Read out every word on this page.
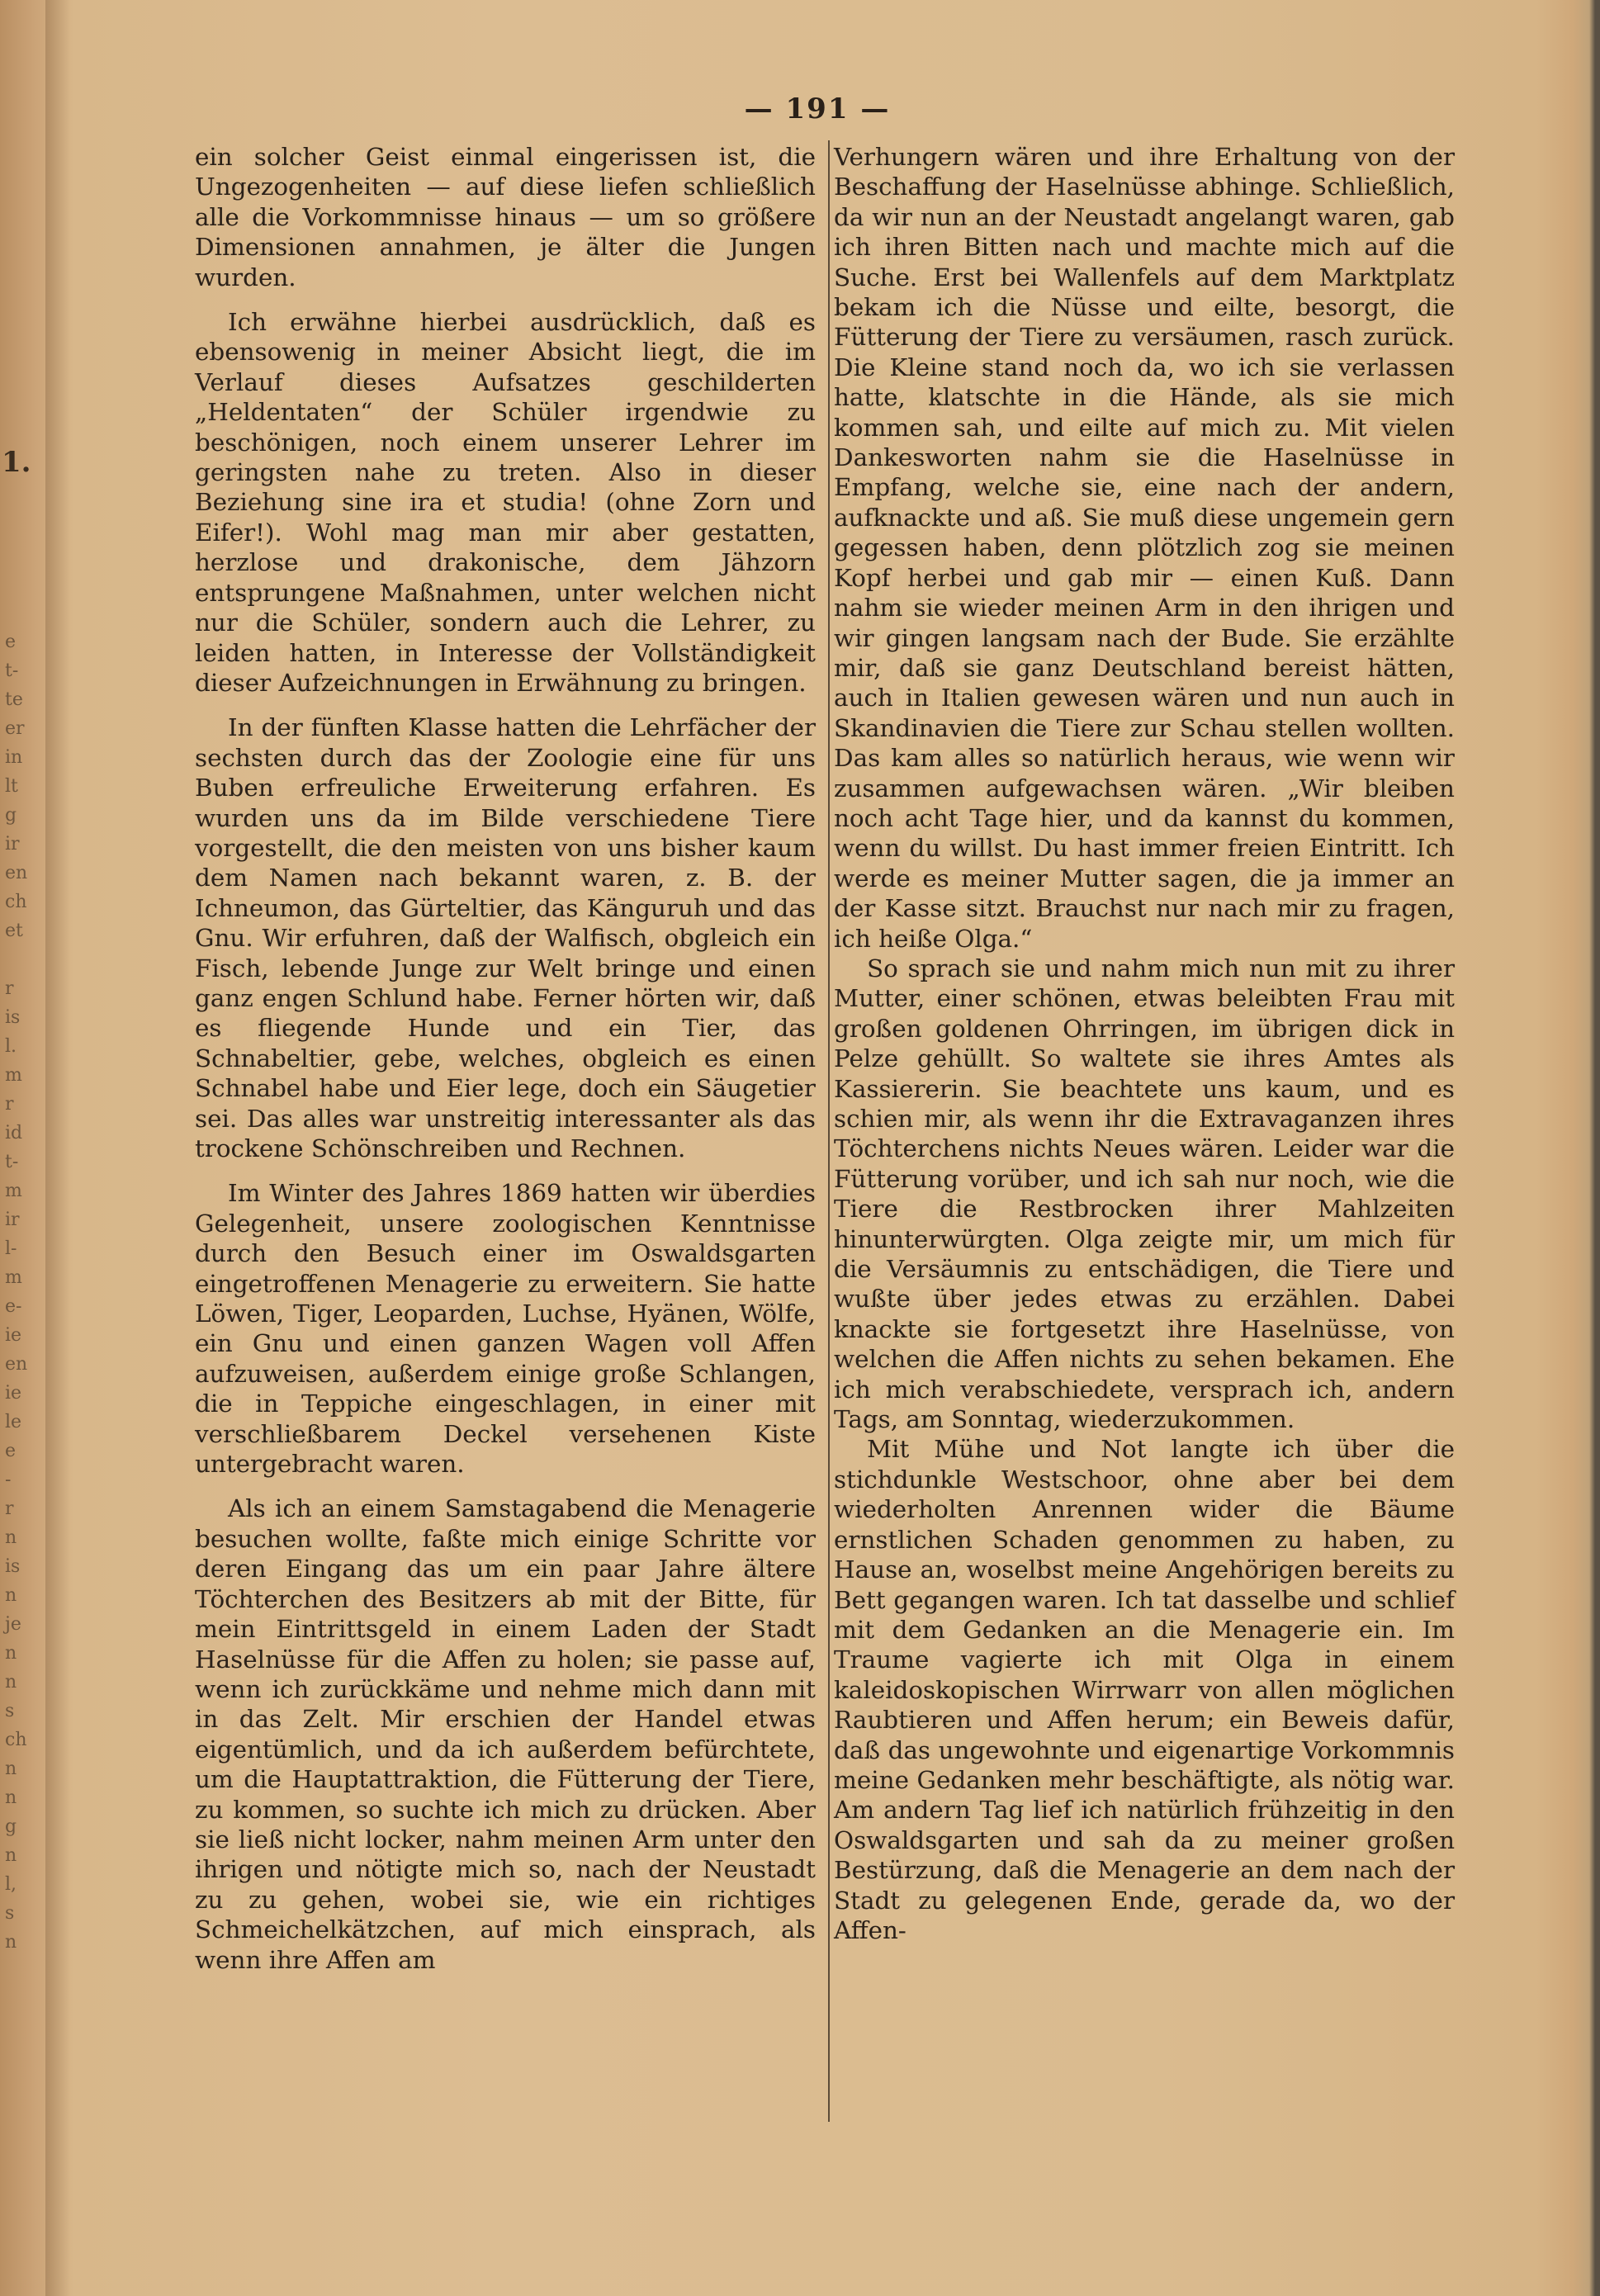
1.
e
t-
te
er
in
lt
g
ir
en
ch
et
r
is
l.
m
r
id
t-
m
ir
l-
m
e-
ie
en
ie
le
e
-
r
n
is
n
je
n
n
s
ch
n
n
g
n
l,
s
n
— 191 —

ein solcher Geist einmal eingerissen ist, die Ungezogenheiten — auf diese liefen schließlich alle die Vorkommnisse hinaus — um so größere Dimensionen annahmen, je älter die Jungen wurden.

Ich erwähne hierbei ausdrücklich, daß es ebensowenig in meiner Absicht liegt, die im Verlauf dieses Aufsatzes geschilderten „Heldentaten“ der Schüler irgendwie zu beschönigen, noch einem unserer Lehrer im geringsten nahe zu treten. Also in dieser Beziehung sine ira et studia! (ohne Zorn und Eifer!). Wohl mag man mir aber gestatten, herzlose und drakonische, dem Jähzorn entsprungene Maßnahmen, unter welchen nicht nur die Schüler, sondern auch die Lehrer, zu leiden hatten, in Interesse der Vollständigkeit dieser Aufzeichnungen in Erwähnung zu bringen.

In der fünften Klasse hatten die Lehrfächer der sechsten durch das der Zoologie eine für uns Buben erfreuliche Erweiterung erfahren. Es wurden uns da im Bilde verschiedene Tiere vorgestellt, die den meisten von uns bisher kaum dem Namen nach bekannt waren, z. B. der Ichneumon, das Gürteltier, das Känguruh und das Gnu. Wir erfuhren, daß der Walfisch, obgleich ein Fisch, lebende Junge zur Welt bringe und einen ganz engen Schlund habe. Ferner hörten wir, daß es fliegende Hunde und ein Tier, das Schnabeltier, gebe, welches, obgleich es einen Schnabel habe und Eier lege, doch ein Säugetier sei. Das alles war unstreitig interessanter als das trockene Schönschreiben und Rechnen.

Im Winter des Jahres 1869 hatten wir überdies Gelegenheit, unsere zoologischen Kenntnisse durch den Besuch einer im Oswaldsgarten eingetroffenen Menagerie zu erweitern. Sie hatte Löwen, Tiger, Leoparden, Luchse, Hyänen, Wölfe, ein Gnu und einen ganzen Wagen voll Affen aufzuweisen, außerdem einige große Schlangen, die in Teppiche eingeschlagen, in einer mit verschließbarem Deckel versehenen Kiste untergebracht waren.

Als ich an einem Samstagabend die Menagerie besuchen wollte, faßte mich einige Schritte vor deren Eingang das um ein paar Jahre ältere Töchterchen des Besitzers ab mit der Bitte, für mein Eintrittsgeld in einem Laden der Stadt Haselnüsse für die Affen zu holen; sie passe auf, wenn ich zurückkäme und nehme mich dann mit in das Zelt. Mir erschien der Handel etwas eigentümlich, und da ich außerdem befürchtete, um die Hauptattraktion, die Fütterung der Tiere, zu kommen, so suchte ich mich zu drücken. Aber sie ließ nicht locker, nahm meinen Arm unter den ihrigen und nötigte mich so, nach der Neustadt zu zu gehen, wobei sie, wie ein richtiges Schmeichelkätzchen, auf mich einsprach, als wenn ihre Affen am

Verhungern wären und ihre Erhaltung von der Beschaffung der Haselnüsse abhinge. Schließlich, da wir nun an der Neustadt angelangt waren, gab ich ihren Bitten nach und machte mich auf die Suche. Erst bei Wallenfels auf dem Marktplatz bekam ich die Nüsse und eilte, besorgt, die Fütterung der Tiere zu versäumen, rasch zurück. Die Kleine stand noch da, wo ich sie verlassen hatte, klatschte in die Hände, als sie mich kommen sah, und eilte auf mich zu. Mit vielen Dankesworten nahm sie die Haselnüsse in Empfang, welche sie, eine nach der andern, aufknackte und aß. Sie muß diese ungemein gern gegessen haben, denn plötzlich zog sie meinen Kopf herbei und gab mir — einen Kuß. Dann nahm sie wieder meinen Arm in den ihrigen und wir gingen langsam nach der Bude. Sie erzählte mir, daß sie ganz Deutschland bereist hätten, auch in Italien gewesen wären und nun auch in Skandinavien die Tiere zur Schau stellen wollten. Das kam alles so natürlich heraus, wie wenn wir zusammen aufgewachsen wären. „Wir bleiben noch acht Tage hier, und da kannst du kommen, wenn du willst. Du hast immer freien Eintritt. Ich werde es meiner Mutter sagen, die ja immer an der Kasse sitzt. Brauchst nur nach mir zu fragen, ich heiße Olga.“

So sprach sie und nahm mich nun mit zu ihrer Mutter, einer schönen, etwas beleibten Frau mit großen goldenen Ohrringen, im übrigen dick in Pelze gehüllt. So waltete sie ihres Amtes als Kassiererin. Sie beachtete uns kaum, und es schien mir, als wenn ihr die Extravaganzen ihres Töchterchens nichts Neues wären. Leider war die Fütterung vorüber, und ich sah nur noch, wie die Tiere die Restbrocken ihrer Mahlzeiten hinunterwürgten. Olga zeigte mir, um mich für die Versäumnis zu entschädigen, die Tiere und wußte über jedes etwas zu erzählen. Dabei knackte sie fortgesetzt ihre Haselnüsse, von welchen die Affen nichts zu sehen bekamen. Ehe ich mich verabschiedete, versprach ich, andern Tags, am Sonntag, wiederzukommen.

Mit Mühe und Not langte ich über die stichdunkle Westschoor, ohne aber bei dem wiederholten Anrennen wider die Bäume ernstlichen Schaden genommen zu haben, zu Hause an, woselbst meine Angehörigen bereits zu Bett gegangen waren. Ich tat dasselbe und schlief mit dem Gedanken an die Menagerie ein. Im Traume vagierte ich mit Olga in einem kaleidoskopischen Wirrwarr von allen möglichen Raubtieren und Affen herum; ein Beweis dafür, daß das ungewohnte und eigenartige Vorkommnis meine Gedanken mehr beschäftigte, als nötig war. Am andern Tag lief ich natürlich frühzeitig in den Oswaldsgarten und sah da zu meiner großen Bestürzung, daß die Menagerie an dem nach der Stadt zu gelegenen Ende, gerade da, wo der Affen-
